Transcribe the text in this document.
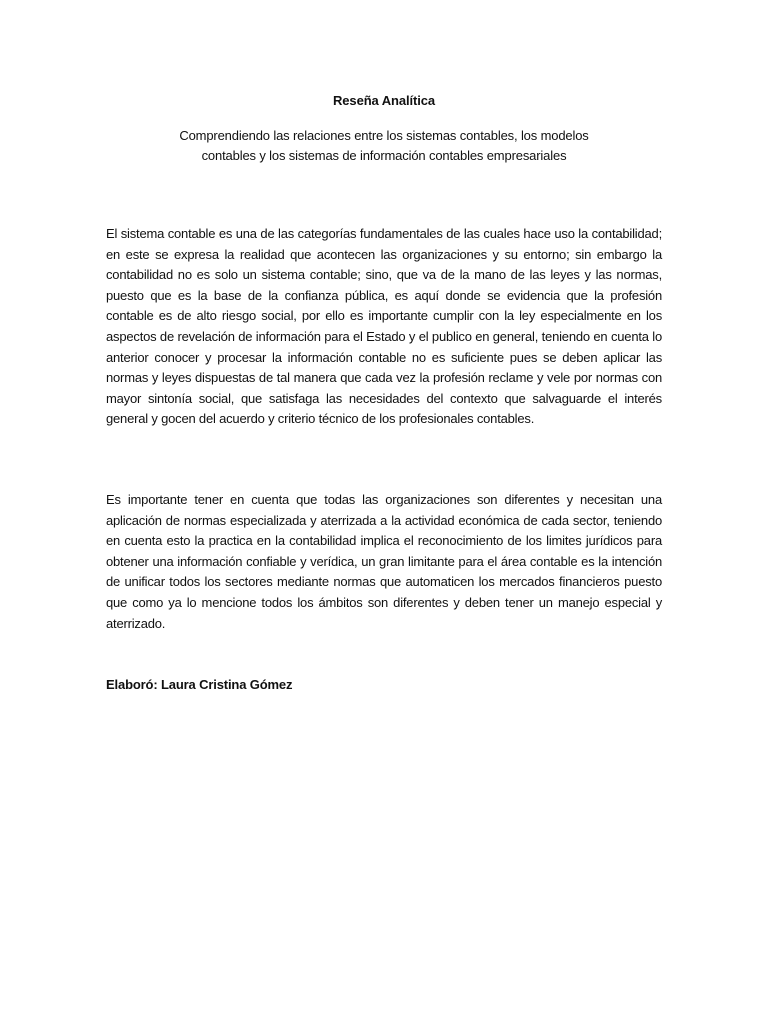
Reseña Analítica
Comprendiendo las relaciones entre los sistemas contables, los modelos
contables y los sistemas de información contables empresariales

El sistema contable es una de las categorías fundamentales de las cuales hace uso la contabilidad; en este se expresa la realidad que acontecen las organizaciones y su entorno; sin embargo la contabilidad no es solo un sistema contable; sino, que va de la mano de las leyes y las normas, puesto que es la base de la confianza pública, es aquí donde se evidencia que la profesión contable es de alto riesgo social, por ello es importante cumplir con la ley especialmente en los aspectos de revelación de información para el Estado y el publico en general, teniendo en cuenta lo anterior conocer y procesar la información contable no es suficiente pues se deben aplicar las normas y leyes dispuestas de tal manera que cada vez la profesión reclame y vele por normas con mayor sintonía social, que satisfaga las necesidades del contexto que salvaguarde el interés general y gocen del acuerdo y criterio técnico de los profesionales contables.

Es importante tener en cuenta que todas las organizaciones son diferentes y necesitan una aplicación de normas especializada y aterrizada a la actividad económica de cada sector, teniendo en cuenta esto la practica en la contabilidad implica el reconocimiento de los limites jurídicos para obtener una información confiable y verídica, un gran limitante para el área contable es la intención de unificar todos los sectores mediante normas que automaticen los mercados financieros puesto que como ya lo mencione todos los ámbitos son diferentes y deben tener un manejo especial y aterrizado.

Elaboró: Laura Cristina Gómez
